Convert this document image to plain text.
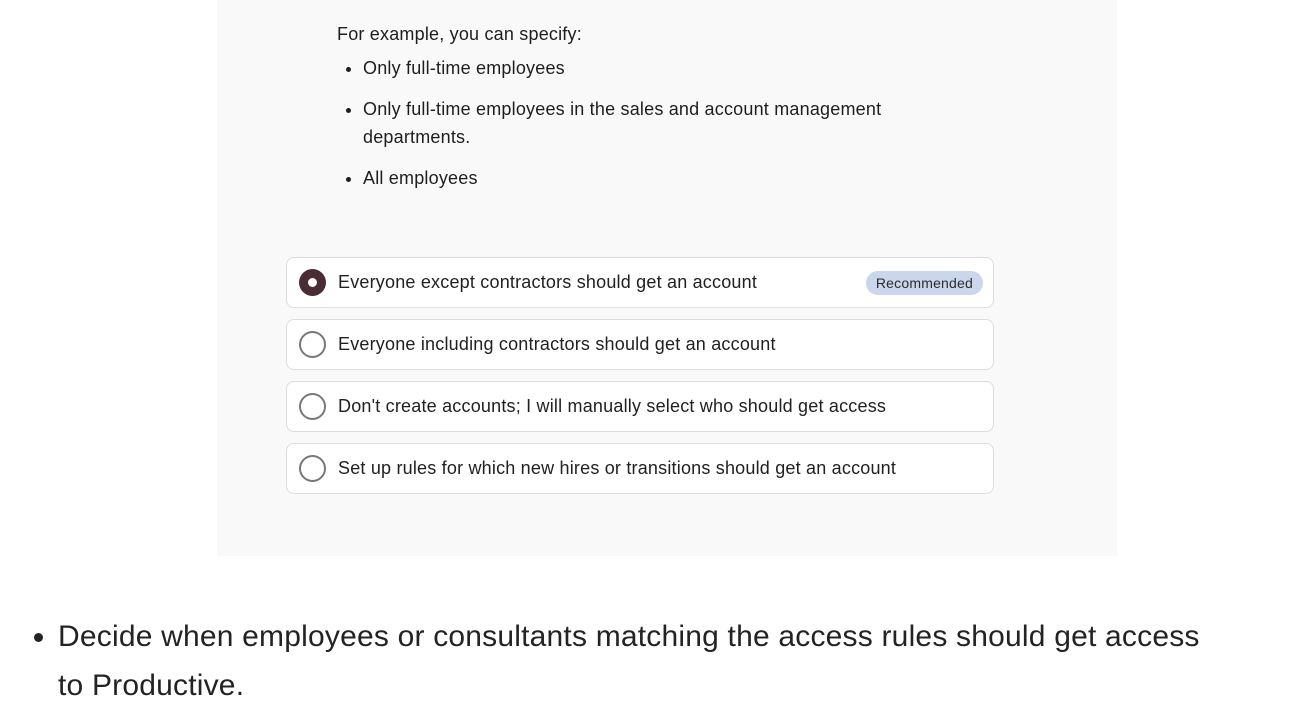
For example, you can specify:

• Only full-time employees
• Only full-time employees in the sales and account management departments.
• All employees
Everyone except contractors should get an account	Recommended
Everyone including contractors should get an account
Don't create accounts; I will manually select who should get access
Set up rules for which new hires or transitions should get an account
• Decide when employees or consultants matching the access rules should get access to Productive.
